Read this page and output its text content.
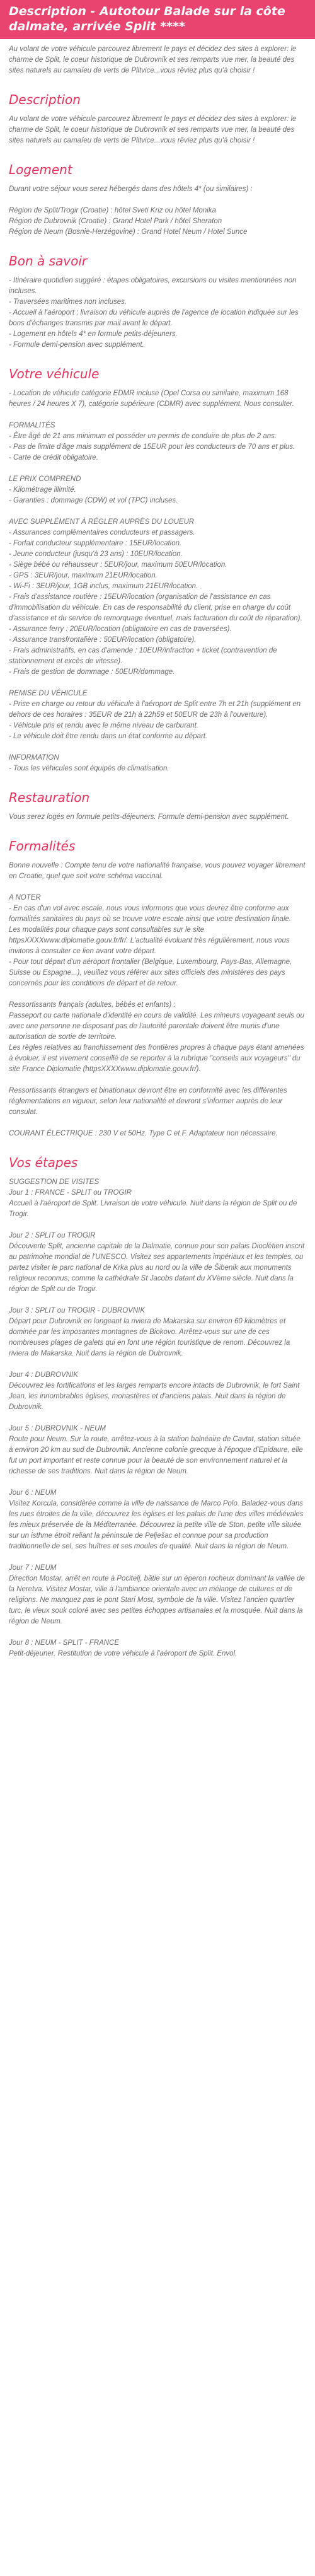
Description - Autotour Balade sur la côte dalmate, arrivée Split ****

Au volant de votre véhicule parcourez librement le pays et décidez des sites à explorer: le charme de Split, le coeur historique de Dubrovnik et ses remparts vue mer, la beauté des sites naturels au camaïeu de verts de Plitvice...vous rêviez plus qu'à choisir !

Description

Au volant de votre véhicule parcourez librement le pays et décidez des sites à explorer: le charme de Split, le coeur historique de Dubrovnik et ses remparts vue mer, la beauté des sites naturels au camaïeu de verts de Plitvice...vous rêviez plus qu'à choisir !

Logement
Durant votre séjour vous serez hébergés dans des hôtels 4* (ou similaires) :
Région de Split/Trogir (Croatie) : hôtel Sveti Kriz ou hôtel Monika
Région de Dubrovnik (Croatie) : Grand Hotel Park / hôtel Sheraton
Région de Neum (Bosnie-Herzégovine) : Grand Hotel Neum / Hotel Sunce
Bon à savoir
- Itinéraire quotidien suggéré : étapes obligatoires, excursions ou visites mentionnées non incluses.
- Traversées maritimes non incluses.
- Accueil à l'aéroport : livraison du véhicule auprès de l'agence de location indiquée sur les bons d'échanges transmis par mail avant le départ.
- Logement en hôtels 4* en formule petits-déjeuners.
- Formule demi-pension avec supplément.
Votre véhicule
- Location de véhicule catégorie EDMR incluse (Opel Corsa ou similaire, maximum 168 heures / 24 heures X 7), catégorie supérieure (CDMR) avec supplément. Nous consulter.
FORMALITÉS
- Être âgé de 21 ans minimum et posséder un permis de conduire de plus de 2 ans.
- Pas de limite d'âge mais supplément de 15EUR pour les conducteurs de 70 ans et plus.
- Carte de crédit obligatoire.
LE PRIX COMPREND
- Kilométrage illimité.
- Garanties : dommage (CDW) et vol (TPC) incluses.
AVEC SUPPLÉMENT À RÉGLER AUPRÈS DU LOUEUR
- Assurances complémentaires conducteurs et passagers.
- Forfait conducteur supplémentaire : 15EUR/location.
- Jeune conducteur (jusqu'à 23 ans) : 10EUR/location.
- Siège bébé ou réhausseur : 5EUR/jour, maximum 50EUR/location.
- GPS : 3EUR/jour, maximum 21EUR/location.
- Wi-Fi : 3EUR/jour, 1GB inclus, maximum 21EUR/location.
- Frais d'assistance routière : 15EUR/location (organisation de l'assistance en cas d'immobilisation du véhicule. En cas de responsabilité du client, prise en charge du coût d'assistance et du service de remorquage éventuel, mais facturation du coût de réparation).
- Assurance ferry : 20EUR/location (obligatoire en cas de traversées).
- Assurance transfrontalière : 50EUR/location (obligatoire).
- Frais administratifs, en cas d'amende : 10EUR/infraction + ticket (contravention de stationnement et excès de vitesse).
- Frais de gestion de dommage : 50EUR/dommage.
REMISE DU VÉHICULE
- Prise en charge ou retour du véhicule à l'aéroport de Split entre 7h et 21h (supplément en dehors de ces horaires : 35EUR de 21h à 22h59 et 50EUR de 23h à l'ouverture).
- Véhicule pris et rendu avec le même niveau de carburant.
- Le véhicule doit être rendu dans un état conforme au départ.
INFORMATION
- Tous les véhicules sont équipés de climatisation.
Restauration

Vous serez logés en formule petits-déjeuners. Formule demi-pension avec supplément.

Formalités
Bonne nouvelle : Compte tenu de votre nationalité française, vous pouvez voyager librement en Croatie, quel que soit votre schéma vaccinal.
A NOTER
- En cas d'un vol avec escale, nous vous informons que vous devrez être conforme aux formalités sanitaires du pays où se trouve votre escale ainsi que votre destination finale.
Les modalités pour chaque pays sont consultables sur le site httpsXXXXwww.diplomatie.gouv.fr/fr/. L'actualité évoluant très régulièrement, nous vous invitons à consulter ce lien avant votre départ.
- Pour tout départ d'un aéroport frontalier (Belgique, Luxembourg, Pays-Bas, Allemagne, Suisse ou Espagne...), veuillez vous référer aux sites officiels des ministères des pays concernés pour les conditions de départ et de retour.
Ressortissants français (adultes, bébés et enfants) :
Passeport ou carte nationale d'identité en cours de validité. Les mineurs voyageant seuls ou avec une personne ne disposant pas de l'autorité parentale doivent être munis d'une autorisation de sortie de territoire.
Les règles relatives au franchissement des frontières propres à chaque pays étant amenées à évoluer, il est vivement conseillé de se reporter à la rubrique "conseils aux voyageurs" du site France Diplomatie (httpsXXXXwww.diplomatie.gouv.fr/).
Ressortissants étrangers et binationaux devront être en conformité avec les différentes réglementations en vigueur, selon leur nationalité et devront s'informer auprès de leur consulat.
COURANT ÉLECTRIQUE : 230 V et 50Hz. Type C et F. Adaptateur non nécessaire.
Vos étapes

SUGGESTION DE VISITES

Jour 1 : FRANCE - SPLIT ou TROGIR
Accueil à l'aéroport de Split. Livraison de votre véhicule. Nuit dans la région de Split ou de Trogir.
Jour 2 : SPLIT ou TROGIR
Découverte Split, ancienne capitale de la Dalmatie, connue pour son palais Dioclétien inscrit au patrimoine mondial de l'UNESCO. Visitez ses appartements impériaux et les temples, ou partez visiter le parc national de Krka plus au nord ou la ville de Šibenik aux monuments religieux reconnus, comme la cathédrale St Jacobs datant du XVème siècle. Nuit dans la région de Split ou de Trogir.
Jour 3 : SPLIT ou TROGIR - DUBROVNIK
Départ pour Dubrovnik en longeant la riviera de Makarska sur environ 60 kilomètres et dominée par les imposantes montagnes de Biokovo. Arrêtez-vous sur une de ces nombreuses plages de galets qui en font une région touristique de renom. Découvrez la riviera de Makarska. Nuit dans la région de Dubrovnik.
Jour 4 : DUBROVNIK
Découvrez les fortifications et les larges remparts encore intacts de Dubrovnik, le fort Saint Jean, les innombrables églises, monastères et d'anciens palais. Nuit dans la région de Dubrovnik.
Jour 5 : DUBROVNIK - NEUM
Route pour Neum. Sur la route, arrêtez-vous à la station balnéaire de Cavtat, station située à environ 20 km au sud de Dubrovnik. Ancienne colonie grecque à l'époque d'Epidaure, elle fut un port important et reste connue pour la beauté de son environnement naturel et la richesse de ses traditions. Nuit dans la région de Neum.
Jour 6 : NEUM
Visitez Korcula, considérée comme la ville de naissance de Marco Polo. Baladez-vous dans les rues étroites de la ville, découvrez les églises et les palais de l'une des villes médiévales les mieux préservée de la Méditerranée. Découvrez la petite ville de Ston, petite ville située sur un isthme étroit reliant la péninsule de Pelješac et connue pour sa production traditionnelle de sel, ses huîtres et ses moules de qualité. Nuit dans la région de Neum.
Jour 7 : NEUM
Direction Mostar, arrêt en route à Pocitelj, bâtie sur un éperon rocheux dominant la vallée de la Neretva. Visitez Mostar, ville à l'ambiance orientale avec un mélange de cultures et de religions. Ne manquez pas le pont Stari Most, symbole de la ville. Visitez l'ancien quartier turc, le vieux souk coloré avec ses petites échoppes artisanales et la mosquée. Nuit dans la région de Neum.
Jour 8 : NEUM - SPLIT - FRANCE
Petit-déjeuner. Restitution de votre véhicule à l'aéroport de Split. Envol.
